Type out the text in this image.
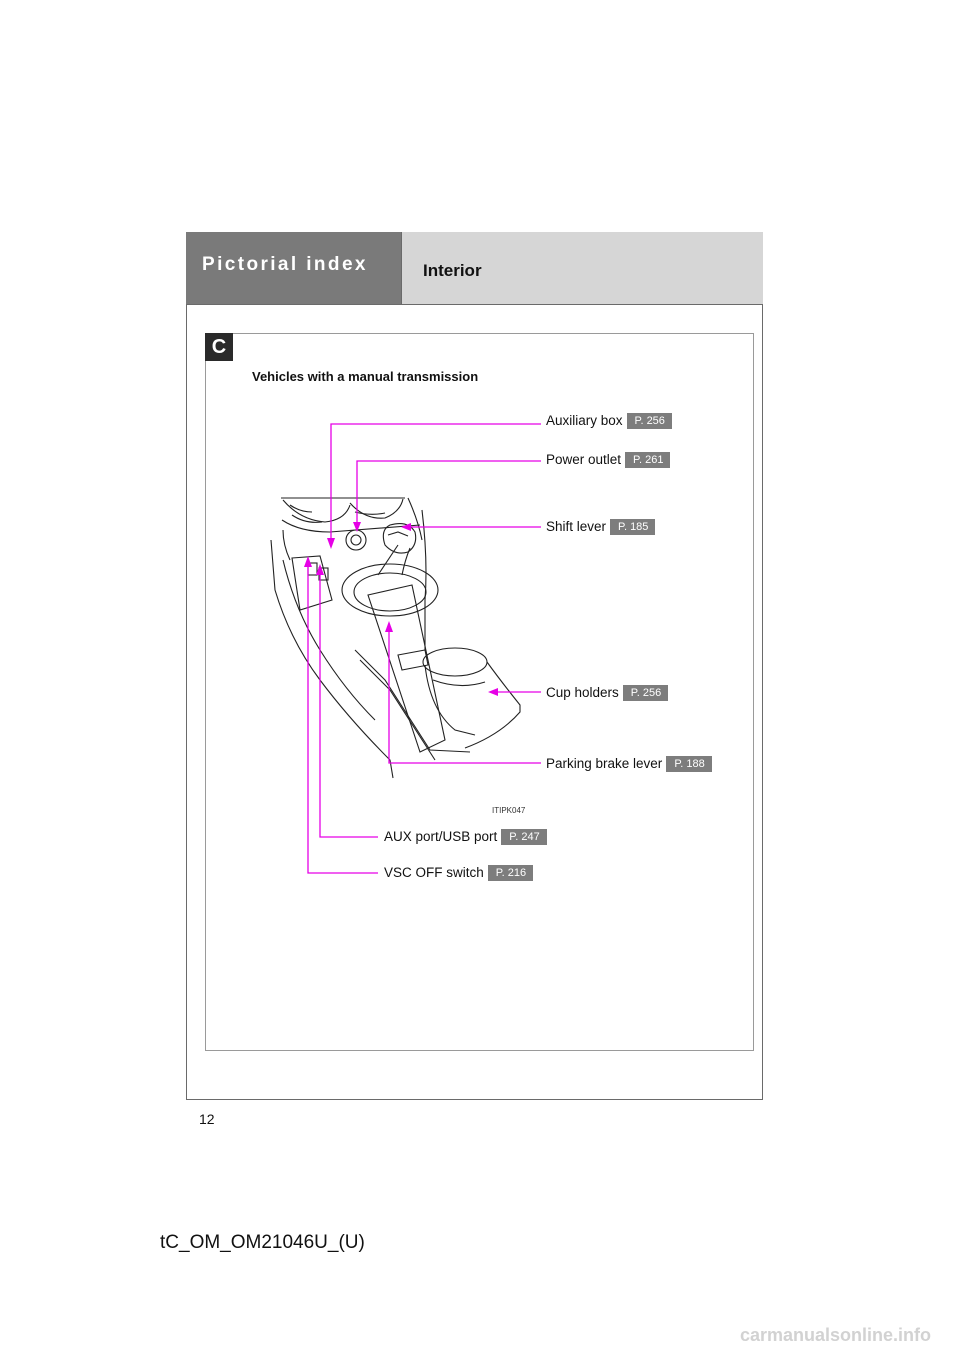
Pictorial index	Interior
C
Vehicles with a manual transmission
Auxiliary box P. 256
Power outlet P. 261
Shift lever P. 185
Cup holders P. 256
Parking brake lever P. 188
AUX port/USB port P. 247
VSC OFF switch P. 216
ITIPK047
12
tC_OM_OM21046U_(U)
carmanualsonline.info
